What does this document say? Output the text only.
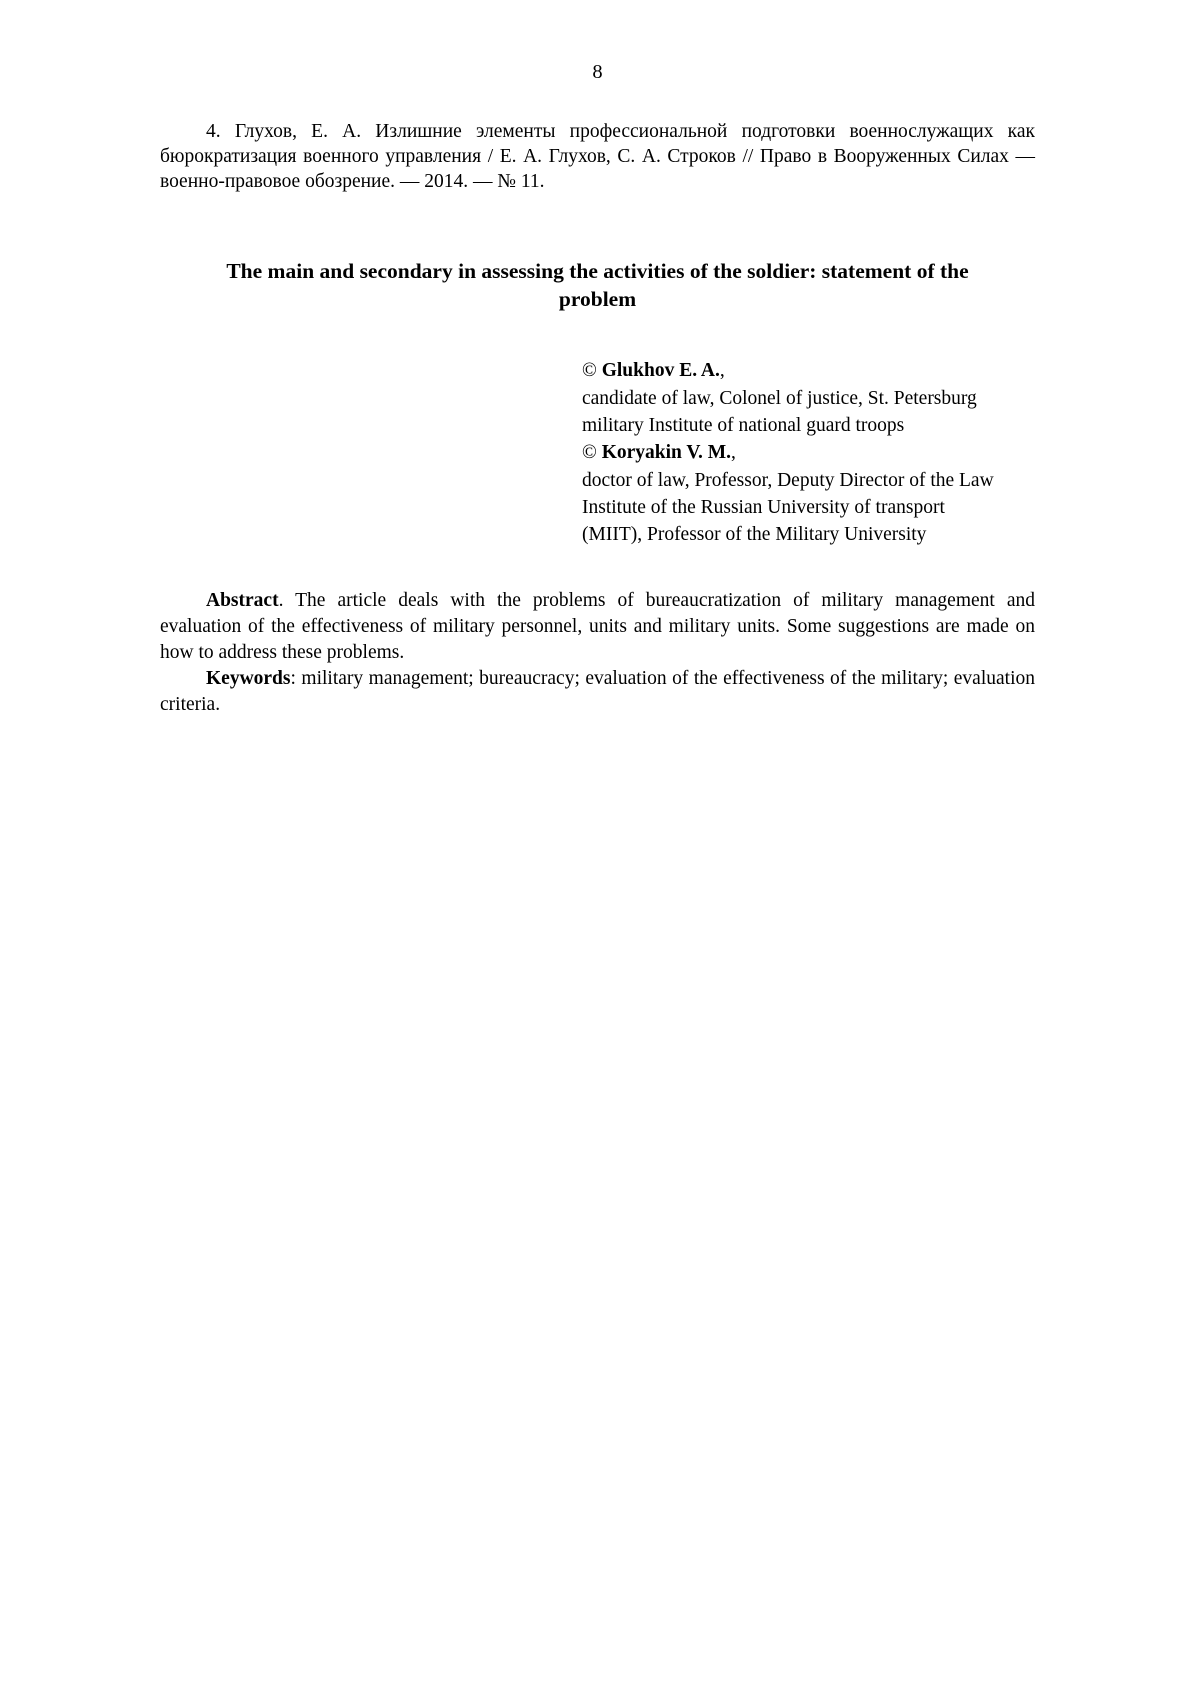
8

4. Глухов, Е. А. Излишние элементы профессиональной подготовки военнослужащих как бюрократизация военного управления / Е. А. Глухов, С. А. Строков // Право в Вооруженных Силах — военно-правовое обозрение. — 2014. — № 11.

The main and secondary in assessing the activities of the soldier: statement of the problem
© Glukhov E. A.,
candidate of law, Colonel of justice, St. Petersburg
military Institute of national guard troops
© Koryakin V. M.,
doctor of law, Professor, Deputy Director of the Law
Institute of the Russian University of transport
(MIIT), Professor of the Military University

Abstract. The article deals with the problems of bureaucratization of military management and evaluation of the effectiveness of military personnel, units and military units. Some suggestions are made on how to address these problems.

Keywords: military management; bureaucracy; evaluation of the effectiveness of the military; evaluation criteria.
